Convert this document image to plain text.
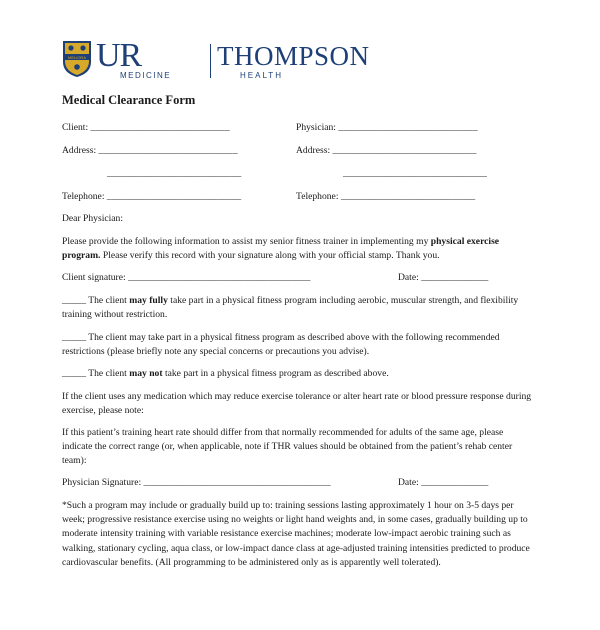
MELIORA UR
MEDICINE
THOMPSON
HEALTH
Medical Clearance Form
Client: _____________________________	Physician: _____________________________
Address: _____________________________	Address: ______________________________
____________________________	______________________________
Telephone: ____________________________	Telephone: ____________________________
Dear Physician:
Please provide the following information to assist my senior fitness trainer in implementing my physical exercise program. Please verify this record with your signature along with your official stamp. Thank you.
Client signature: ______________________________________	Date: ______________
_____ The client may fully take part in a physical fitness program including aerobic, muscular strength, and flexibility training without restriction.
_____ The client may take part in a physical fitness program as described above with the following recommended restrictions (please briefly note any special concerns or precautions you advise).
_____ The client may not take part in a physical fitness program as described above.
If the client uses any medication which may reduce exercise tolerance or alter heart rate or blood pressure response during exercise, please note:
If this patient’s training heart rate should differ from that normally recommended for adults of the same age, please indicate the correct range (or, when applicable, note if THR values should be obtained from the patient’s rehab center team):
Physician Signature: _______________________________________	Date: ______________
*Such a program may include or gradually build up to: training sessions lasting approximately 1 hour on 3-5 days per week; progressive resistance exercise using no weights or light hand weights and, in some cases, gradually building up to moderate intensity training with variable resistance exercise machines; moderate low-impact aerobic training such as walking, stationary cycling, aqua class, or low-impact dance class at age-adjusted training intensities predicted to produce cardiovascular benefits. (All programming to be administered only as is apparently well tolerated).
